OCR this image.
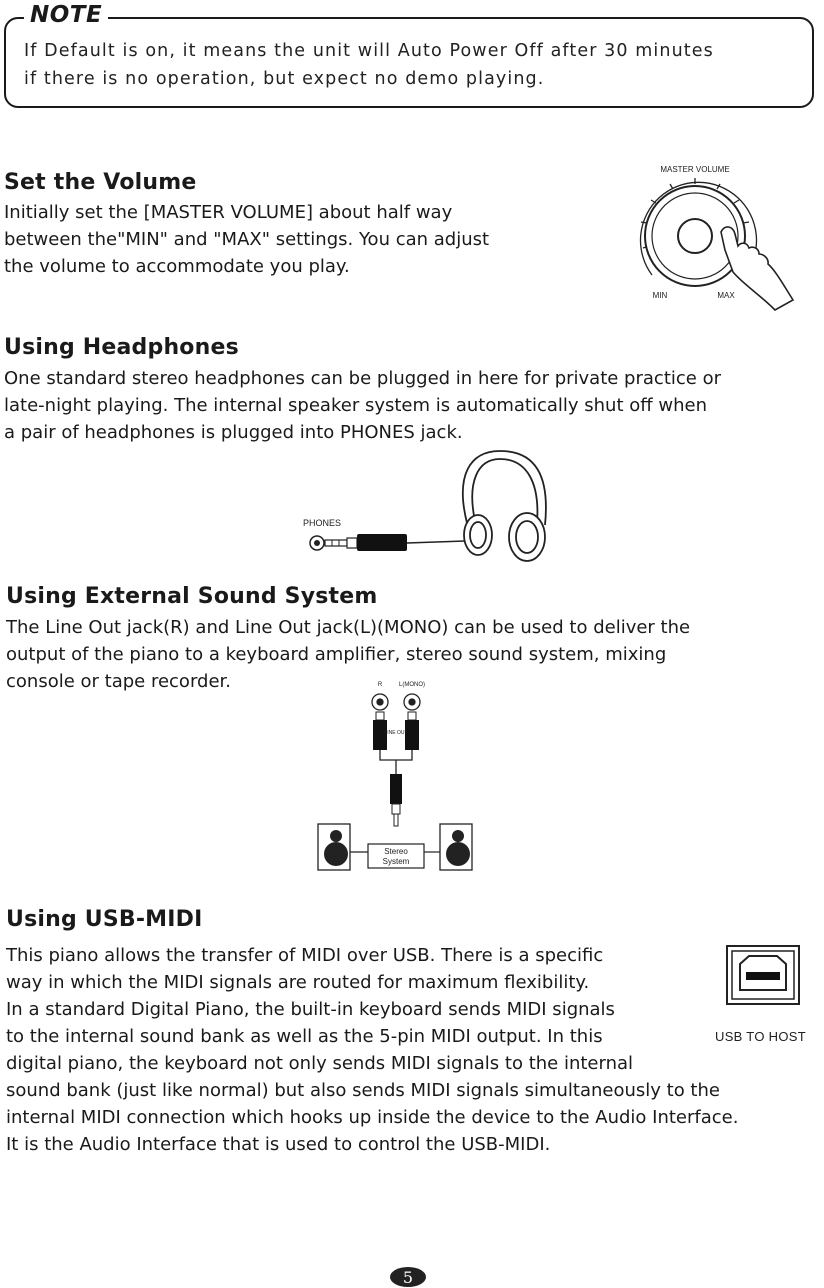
NOTE
If Default is on, it means the unit will Auto Power Off after 30 minutes
if there is no operation, but expect no demo playing.
Set the Volume

Initially set the [MASTER VOLUME] about half way

between the"MIN" and "MAX" settings. You can adjust

the volume to accommodate you play.

MASTER VOLUME
MIN	MAX
Using Headphones

One standard stereo headphones can be plugged in here for private practice or

late-night playing. The internal speaker system is automatically shut off when

a pair of headphones is plugged into PHONES jack.

PHONES
Using External Sound System

The Line Out jack(R) and Line Out jack(L)(MONO) can be used to deliver the

output of the piano to a keyboard amplifier, stereo sound system, mixing

console or tape recorder.	R	L(MONO)
LINE OUT
Stereo
System
Using USB-MIDI

This piano allows the transfer of MIDI over USB. There is a specific

way in which the MIDI signals are routed for maximum flexibility.

In a standard Digital Piano, the built-in keyboard sends MIDI signals

to the internal sound bank as well as the 5-pin MIDI output. In this

digital piano, the keyboard not only sends MIDI signals to the internal

sound bank (just like normal) but also sends MIDI signals simultaneously to the

internal MIDI connection which hooks up inside the device to the Audio Interface.

It is the Audio Interface that is used to control the USB-MIDI.

USB TO HOST
5
